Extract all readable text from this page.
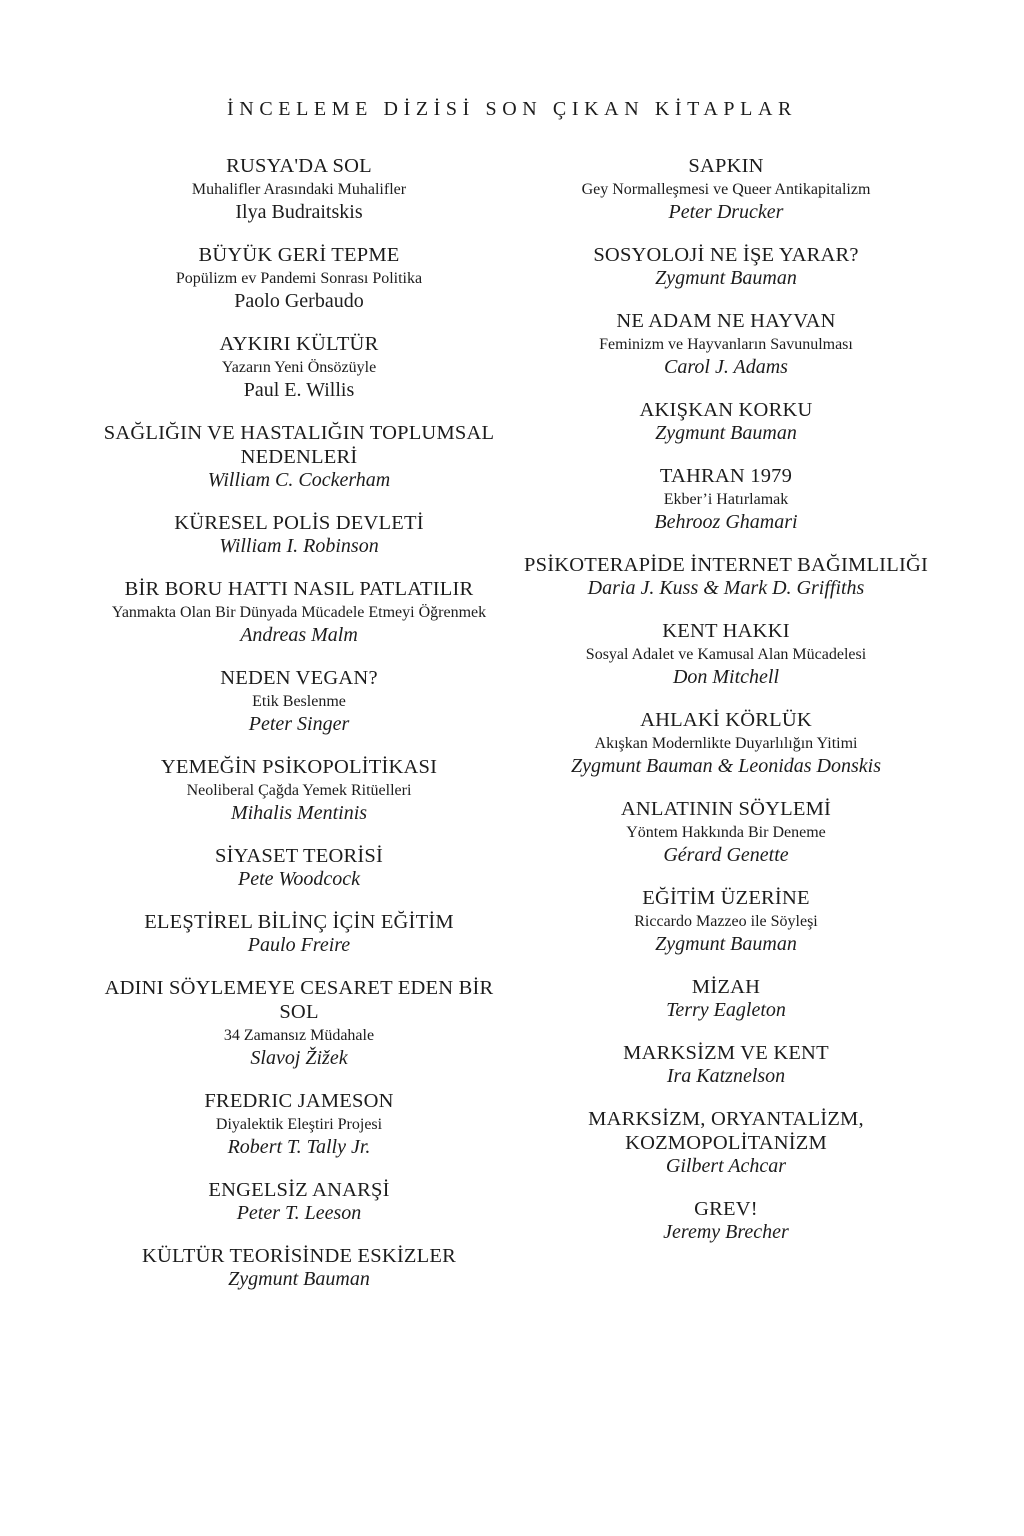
İNCELEME DİZİSİ SON ÇIKAN KİTAPLAR
RUSYA'DA SOL
Muhalifler Arasındaki Muhalifler
Ilya Budraitskis
BÜYÜK GERİ TEPME
Popülizm ev Pandemi Sonrası Politika
Paolo Gerbaudo
AYKIRI KÜLTÜR
Yazarın Yeni Önsözüyle
Paul E. Willis
SAĞLIĞIN VE HASTALIĞIN TOPLUMSAL NEDENLERİ
William C. Cockerham
KÜRESEL POLİS DEVLETİ
William I. Robinson
BİR BORU HATTI NASIL PATLATILIR
Yanmakta Olan Bir Dünyada Mücadele Etmeyi Öğrenmek
Andreas Malm
NEDEN VEGAN?
Etik Beslenme
Peter Singer
YEMEĞİN PSİKOPOLİTİKASI
Neoliberal Çağda Yemek Ritüelleri
Mihalis Mentinis
SİYASET TEORİSİ
Pete Woodcock
ELEŞTİREL BİLİNÇ İÇİN EĞİTİM
Paulo Freire
ADINI SÖYLEMEYE CESARET EDEN BİR SOL
34 Zamansız Müdahale
Slavoj Žižek
FREDRIC JAMESON
Diyalektik Eleştiri Projesi
Robert T. Tally Jr.
ENGELSİZ ANARŞİ
Peter T. Leeson
KÜLTÜR TEORİSİNDE ESKİZLER
Zygmunt Bauman
SAPKIN
Gey Normalleşmesi ve Queer Antikapitalizm
Peter Drucker
SOSYOLOJİ NE İŞE YARAR?
Zygmunt Bauman
NE ADAM NE HAYVAN
Feminizm ve Hayvanların Savunulması
Carol J. Adams
AKIŞKAN KORKU
Zygmunt Bauman
TAHRAN 1979
Ekber’i Hatırlamak
Behrooz Ghamari
PSİKOTERAPİDE İNTERNET BAĞIMLILIĞI
Daria J. Kuss & Mark D. Griffiths
KENT HAKKI
Sosyal Adalet ve Kamusal Alan Mücadelesi
Don Mitchell
AHLAKİ KÖRLÜK
Akışkan Modernlikte Duyarlılığın Yitimi
Zygmunt Bauman & Leonidas Donskis
ANLATININ SÖYLEMİ
Yöntem Hakkında Bir Deneme
Gérard Genette
EĞİTİM ÜZERİNE
Riccardo Mazzeo ile Söyleşi
Zygmunt Bauman
MİZAH
Terry Eagleton
MARKSİZM VE KENT
Ira Katznelson
MARKSİZM, ORYANTALİZM, KOZMOPOLİTANİZM
Gilbert Achcar
GREV!
Jeremy Brecher
